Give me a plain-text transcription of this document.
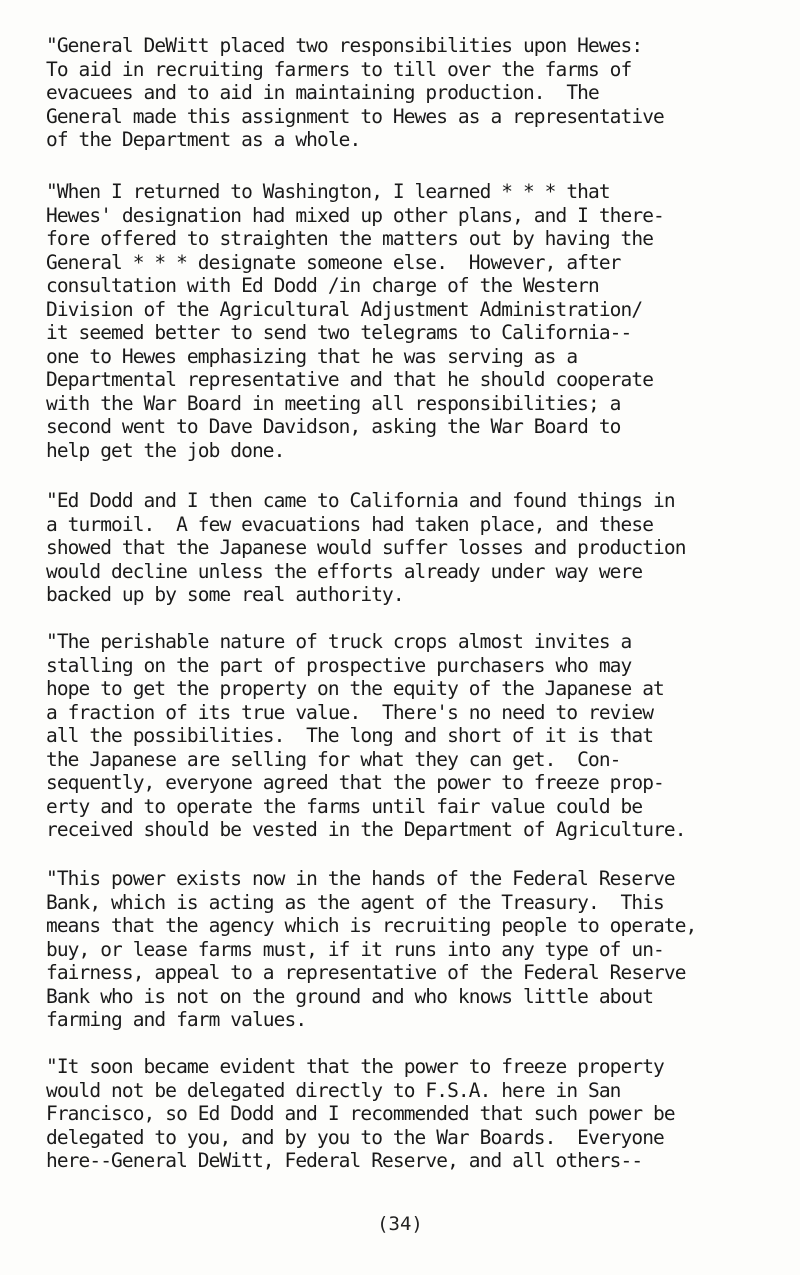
"General DeWitt placed two responsibilities upon Hewes:
To aid in recruiting farmers to till over the farms of
evacuees and to aid in maintaining production.  The
General made this assignment to Hewes as a representative
of the Department as a whole.
"When I returned to Washington, I learned * * * that
Hewes' designation had mixed up other plans, and I there-
fore offered to straighten the matters out by having the
General * * * designate someone else.  However, after
consultation with Ed Dodd /in charge of the Western
Division of the Agricultural Adjustment Administration/
it seemed better to send two telegrams to California--
one to Hewes emphasizing that he was serving as a
Departmental representative and that he should cooperate
with the War Board in meeting all responsibilities; a
second went to Dave Davidson, asking the War Board to
help get the job done.
"Ed Dodd and I then came to California and found things in
a turmoil.  A few evacuations had taken place, and these
showed that the Japanese would suffer losses and production
would decline unless the efforts already under way were
backed up by some real authority.
"The perishable nature of truck crops almost invites a
stalling on the part of prospective purchasers who may
hope to get the property on the equity of the Japanese at
a fraction of its true value.  There's no need to review
all the possibilities.  The long and short of it is that
the Japanese are selling for what they can get.  Con-
sequently, everyone agreed that the power to freeze prop-
erty and to operate the farms until fair value could be
received should be vested in the Department of Agriculture.
"This power exists now in the hands of the Federal Reserve
Bank, which is acting as the agent of the Treasury.  This
means that the agency which is recruiting people to operate,
buy, or lease farms must, if it runs into any type of un-
fairness, appeal to a representative of the Federal Reserve
Bank who is not on the ground and who knows little about
farming and farm values.
"It soon became evident that the power to freeze property
would not be delegated directly to F.S.A. here in San
Francisco, so Ed Dodd and I recommended that such power be
delegated to you, and by you to the War Boards.  Everyone
here--General DeWitt, Federal Reserve, and all others--
(34)
